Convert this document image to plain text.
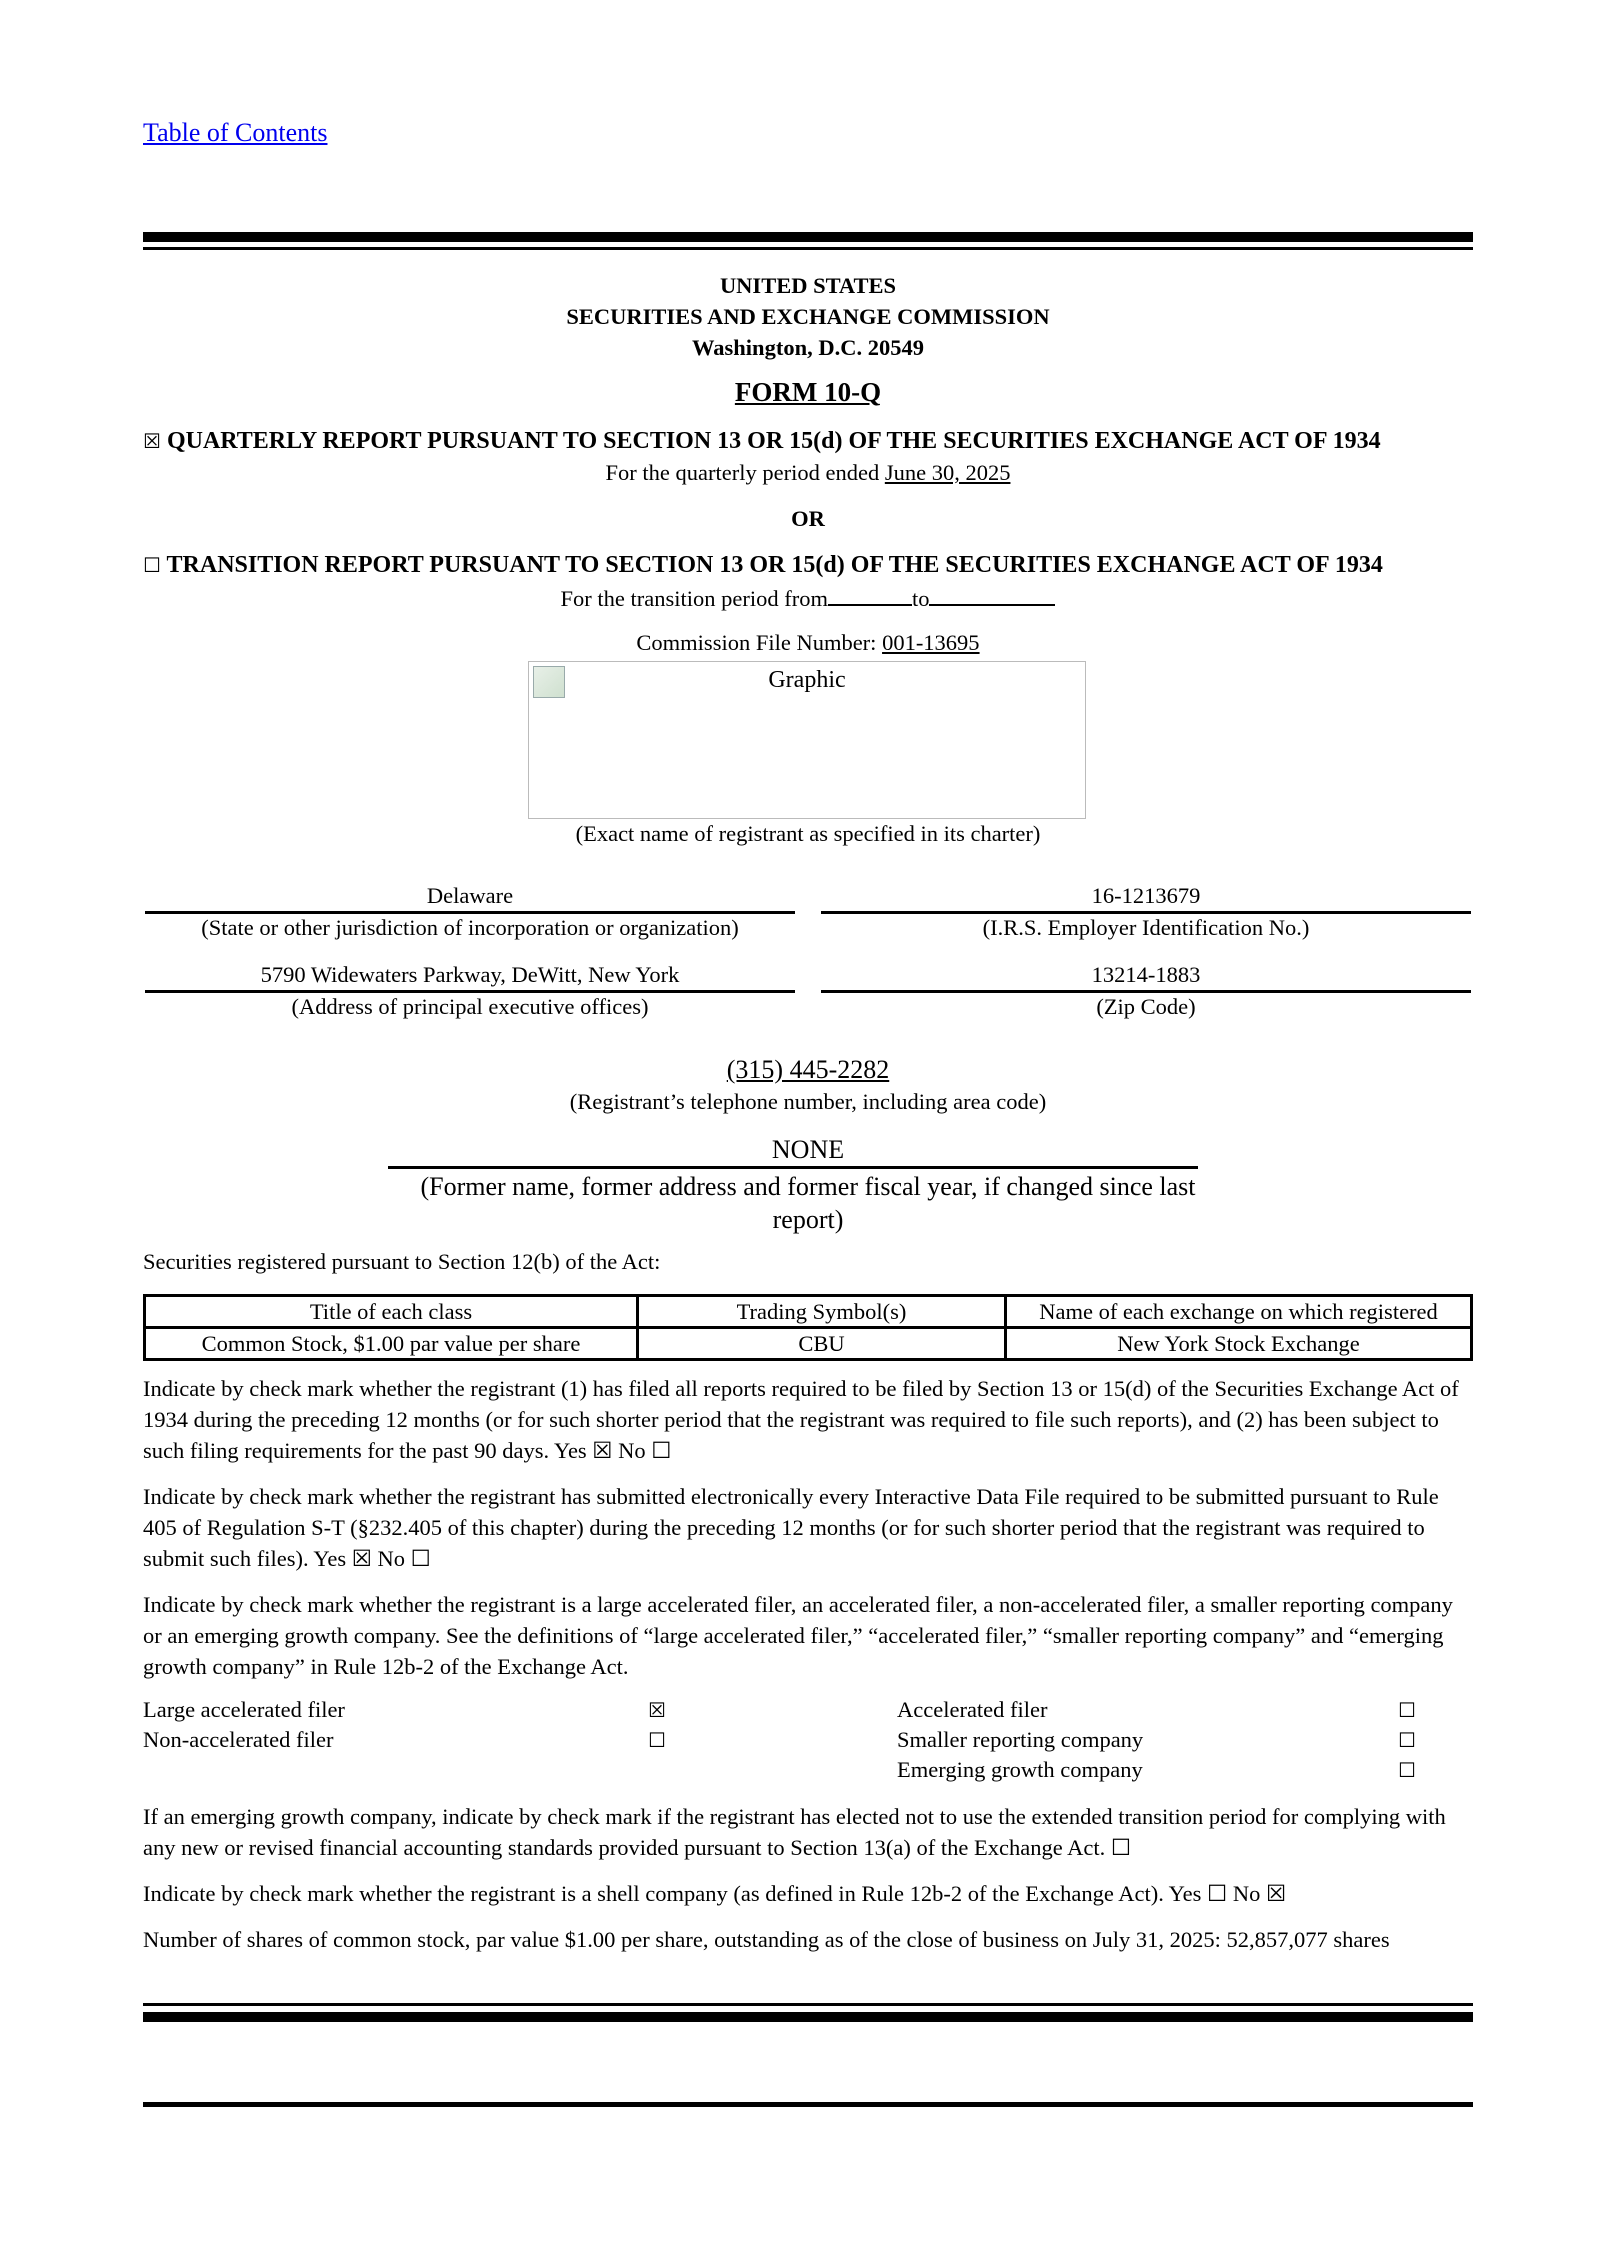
Table of Contents
UNITED STATES
SECURITIES AND EXCHANGE COMMISSION
Washington, D.C. 20549
FORM 10-Q
☒ QUARTERLY REPORT PURSUANT TO SECTION 13 OR 15(d) OF THE SECURITIES EXCHANGE ACT OF 1934
For the quarterly period ended June 30, 2025
OR
☐ TRANSITION REPORT PURSUANT TO SECTION 13 OR 15(d) OF THE SECURITIES EXCHANGE ACT OF 1934
For the transition period from	to
Commission File Number: 001-13695
Graphic
(Exact name of registrant as specified in its charter)
Delaware
(State or other jurisdiction of incorporation or organization)
16-1213679
(I.R.S. Employer Identification No.)
5790 Widewaters Parkway, DeWitt, New York
(Address of principal executive offices)
13214-1883
(Zip Code)
(315) 445-2282
(Registrant’s telephone number, including area code)
NONE
(Former name, former address and former fiscal year, if changed since last
report)
Securities registered pursuant to Section 12(b) of the Act:
Title of each class	Trading Symbol(s)	Name of each exchange on which registered
Common Stock, $1.00 par value per share	CBU	New York Stock Exchange
Indicate by check mark whether the registrant (1) has filed all reports required to be filed by Section 13 or 15(d) of the Securities Exchange Act of 1934 during the preceding 12 months (or for such shorter period that the registrant was required to file such reports), and (2) has been subject to such filing requirements for the past 90 days. Yes ☒ No ☐
Indicate by check mark whether the registrant has submitted electronically every Interactive Data File required to be submitted pursuant to Rule 405 of Regulation S-T (§232.405 of this chapter) during the preceding 12 months (or for such shorter period that the registrant was required to submit such files). Yes ☒ No ☐
Indicate by check mark whether the registrant is a large accelerated filer, an accelerated filer, a non-accelerated filer, a smaller reporting company or an emerging growth company. See the definitions of “large accelerated filer,” “accelerated filer,” “smaller reporting company” and “emerging growth company” in Rule 12b-2 of the Exchange Act.
Large accelerated filer	☒
Non-accelerated filer	☐
Accelerated filer	☐
Smaller reporting company	☐
Emerging growth company	☐
If an emerging growth company, indicate by check mark if the registrant has elected not to use the extended transition period for complying with any new or revised financial accounting standards provided pursuant to Section 13(a) of the Exchange Act. ☐
Indicate by check mark whether the registrant is a shell company (as defined in Rule 12b-2 of the Exchange Act). Yes ☐ No ☒
Number of shares of common stock, par value $1.00 per share, outstanding as of the close of business on July 31, 2025: 52,857,077 shares
